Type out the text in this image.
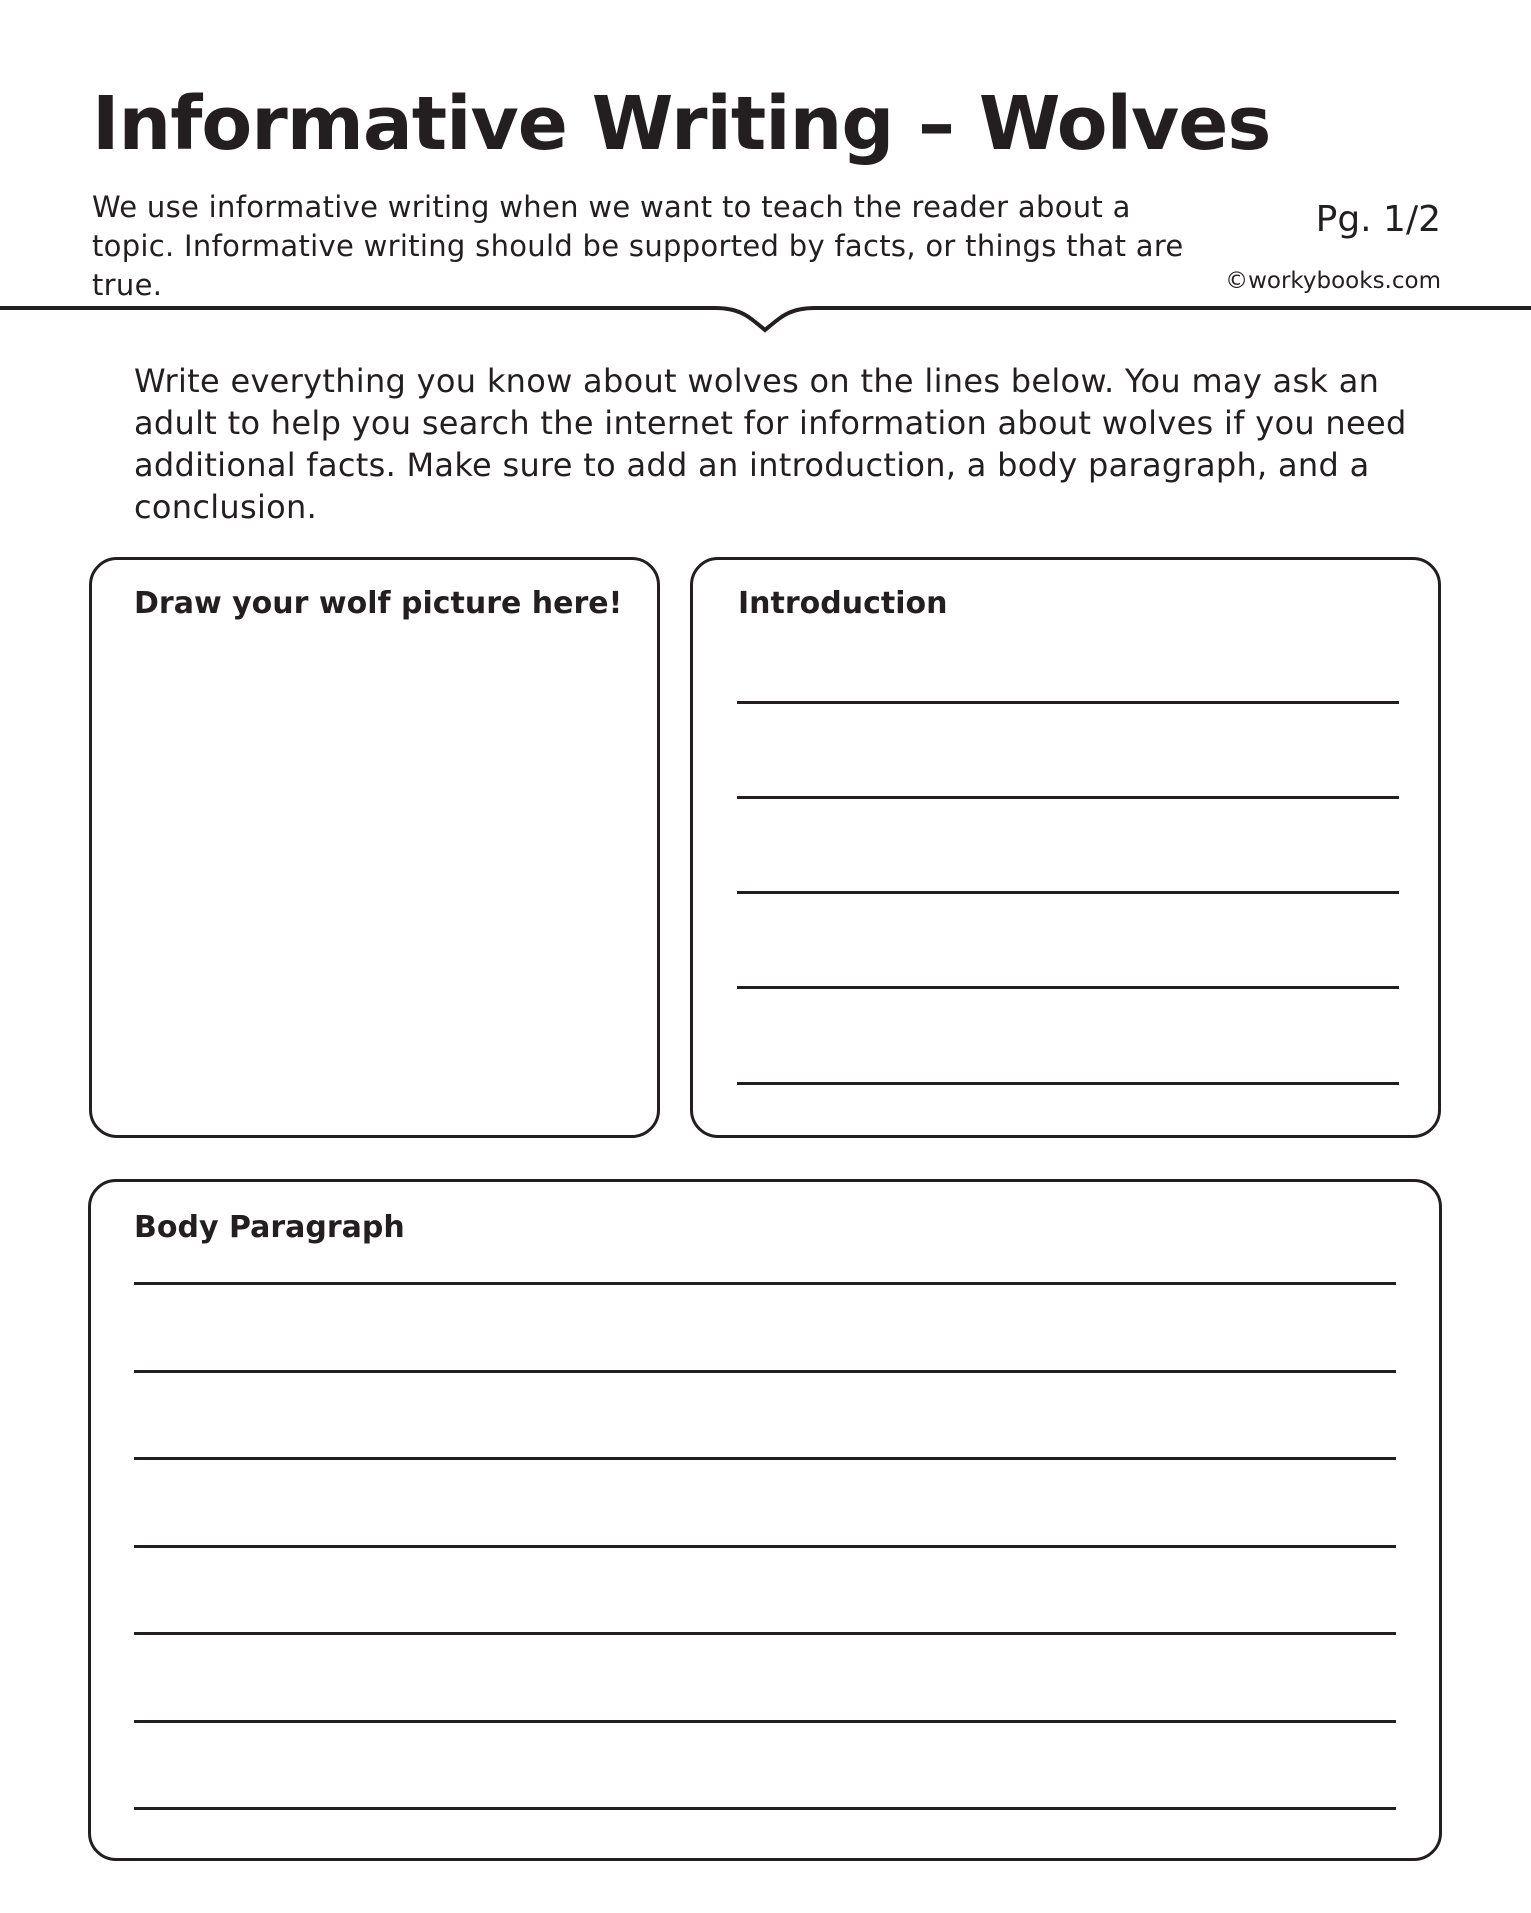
Informative Writing – Wolves
We use informative writing when we want to teach the reader about a topic. Informative writing should be supported by facts, or things that are true.
Pg. 1/2
©workybooks.com
Write everything you know about wolves on the lines below. You may ask an adult to help you search the internet for information about wolves if you need additional facts. Make sure to add an introduction, a body paragraph, and a conclusion.
Draw your wolf picture here!	Introduction
Body Paragraph
